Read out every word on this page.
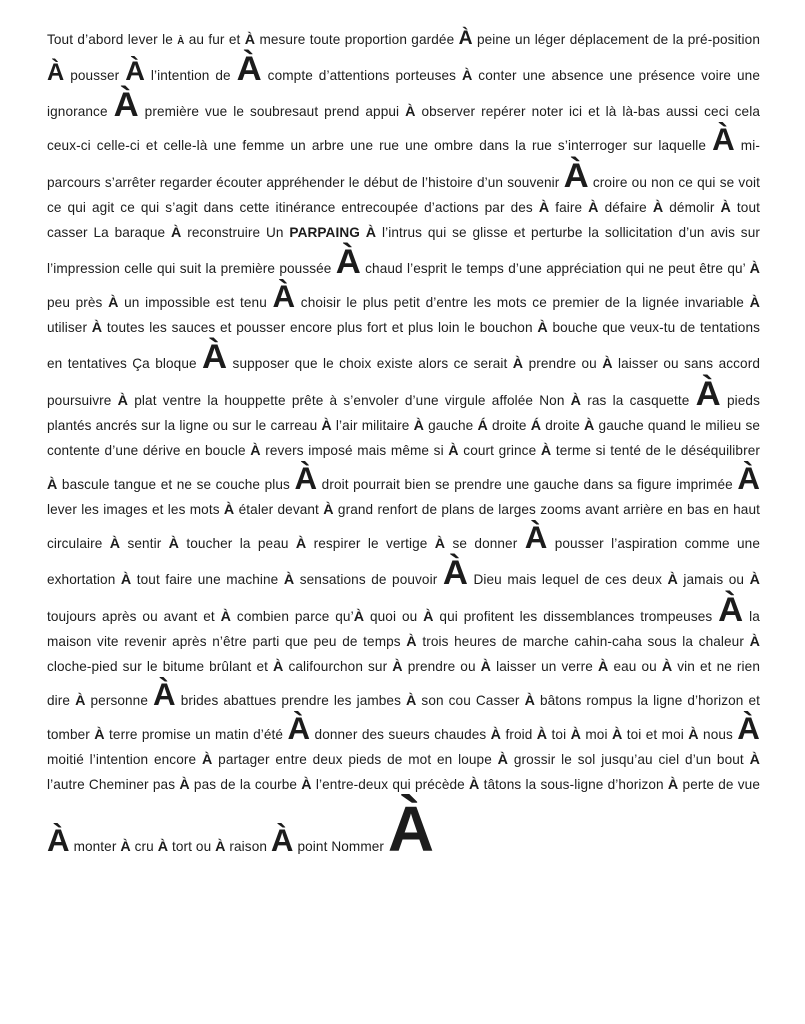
Tout d’abord lever le À au fur et À mesure toute proportion gardée À peine un léger déplacement de la pré-position À pousser À l’intention de À compte d’attentions porteuses À conter une absence une présence voire une ignorance À première vue le soubresaut prend appui À observer repérer noter ici et là là-bas aussi ceci cela ceux-ci celle-ci et celle-là une femme un arbre une rue une ombre dans la rue s’interroger sur laquelle À mi-parcours s’arrêter regarder écouter appréhender le début de l’histoire d’un souvenir À croire ou non ce qui se voit ce qui agit ce qui s’agit dans cette itinérance entrecoupée d’actions par des À faire À défaire À démolir À tout casser La baraque À reconstruire Un PARPAING À l’intrus qui se glisse et perturbe la sollicitation d’un avis sur l’impression celle qui suit la première poussée À chaud l’esprit le temps d’une appréciation qui ne peut être qu’ À peu près À un impossible est tenu À choisir le plus petit d’entre les mots ce premier de la lignée invariable À utiliser À toutes les sauces et pousser encore plus fort et plus loin le bouchon À bouche que veux-tu de tentations en tentatives Ça bloque À supposer que le choix existe alors ce serait À prendre ou À laisser ou sans accord poursuivre À plat ventre la houppette prête à s’envoler d’une virgule affolée Non À ras la casquette À pieds plantés ancrés sur la ligne ou sur le carreau À l’air militaire À gauche Á droite Á droite À gauche quand le milieu se contente d’une dérive en boucle À revers imposé mais même si À court grince À terme si tenté de le déséquilibrer À bascule tangue et ne se couche plus À droit pourrait bien se prendre une gauche dans sa figure imprimée À lever les images et les mots À étaler devant À grand renfort de plans de larges zooms avant arrière en bas en haut circulaire À sentir À toucher la peau À respirer le vertige À se donner À pousser l’aspiration comme une exhortation À tout faire une machine À sensations de pouvoir À Dieu mais lequel de ces deux À jamais ou À toujours après ou avant et À combien parce qu’À quoi ou À qui profitent les dissemblances trompeuses À la maison vite revenir après n’être parti que peu de temps À trois heures de marche cahin-caha sous la chaleur À cloche-pied sur le bitume brûlant et À califourchon sur À prendre ou À laisser un verre À eau ou À vin et ne rien dire À personne À brides abattues prendre les jambes À son cou Casser À bâtons rompus la ligne d’horizon et tomber À terre promise un matin d’été À donner des sueurs chaudes À froid À toi À moi À toi et moi À nous À moitié l’intention encore À partager entre deux pieds de mot en loupe À grossir le sol jusqu’au ciel d’un bout À l’autre Cheminer pas À pas de la courbe À l’entre-deux qui précède À tâtons la sous-ligne d’horizon À perte de vue À monter À cru À tort ou À raison À point Nommer À
